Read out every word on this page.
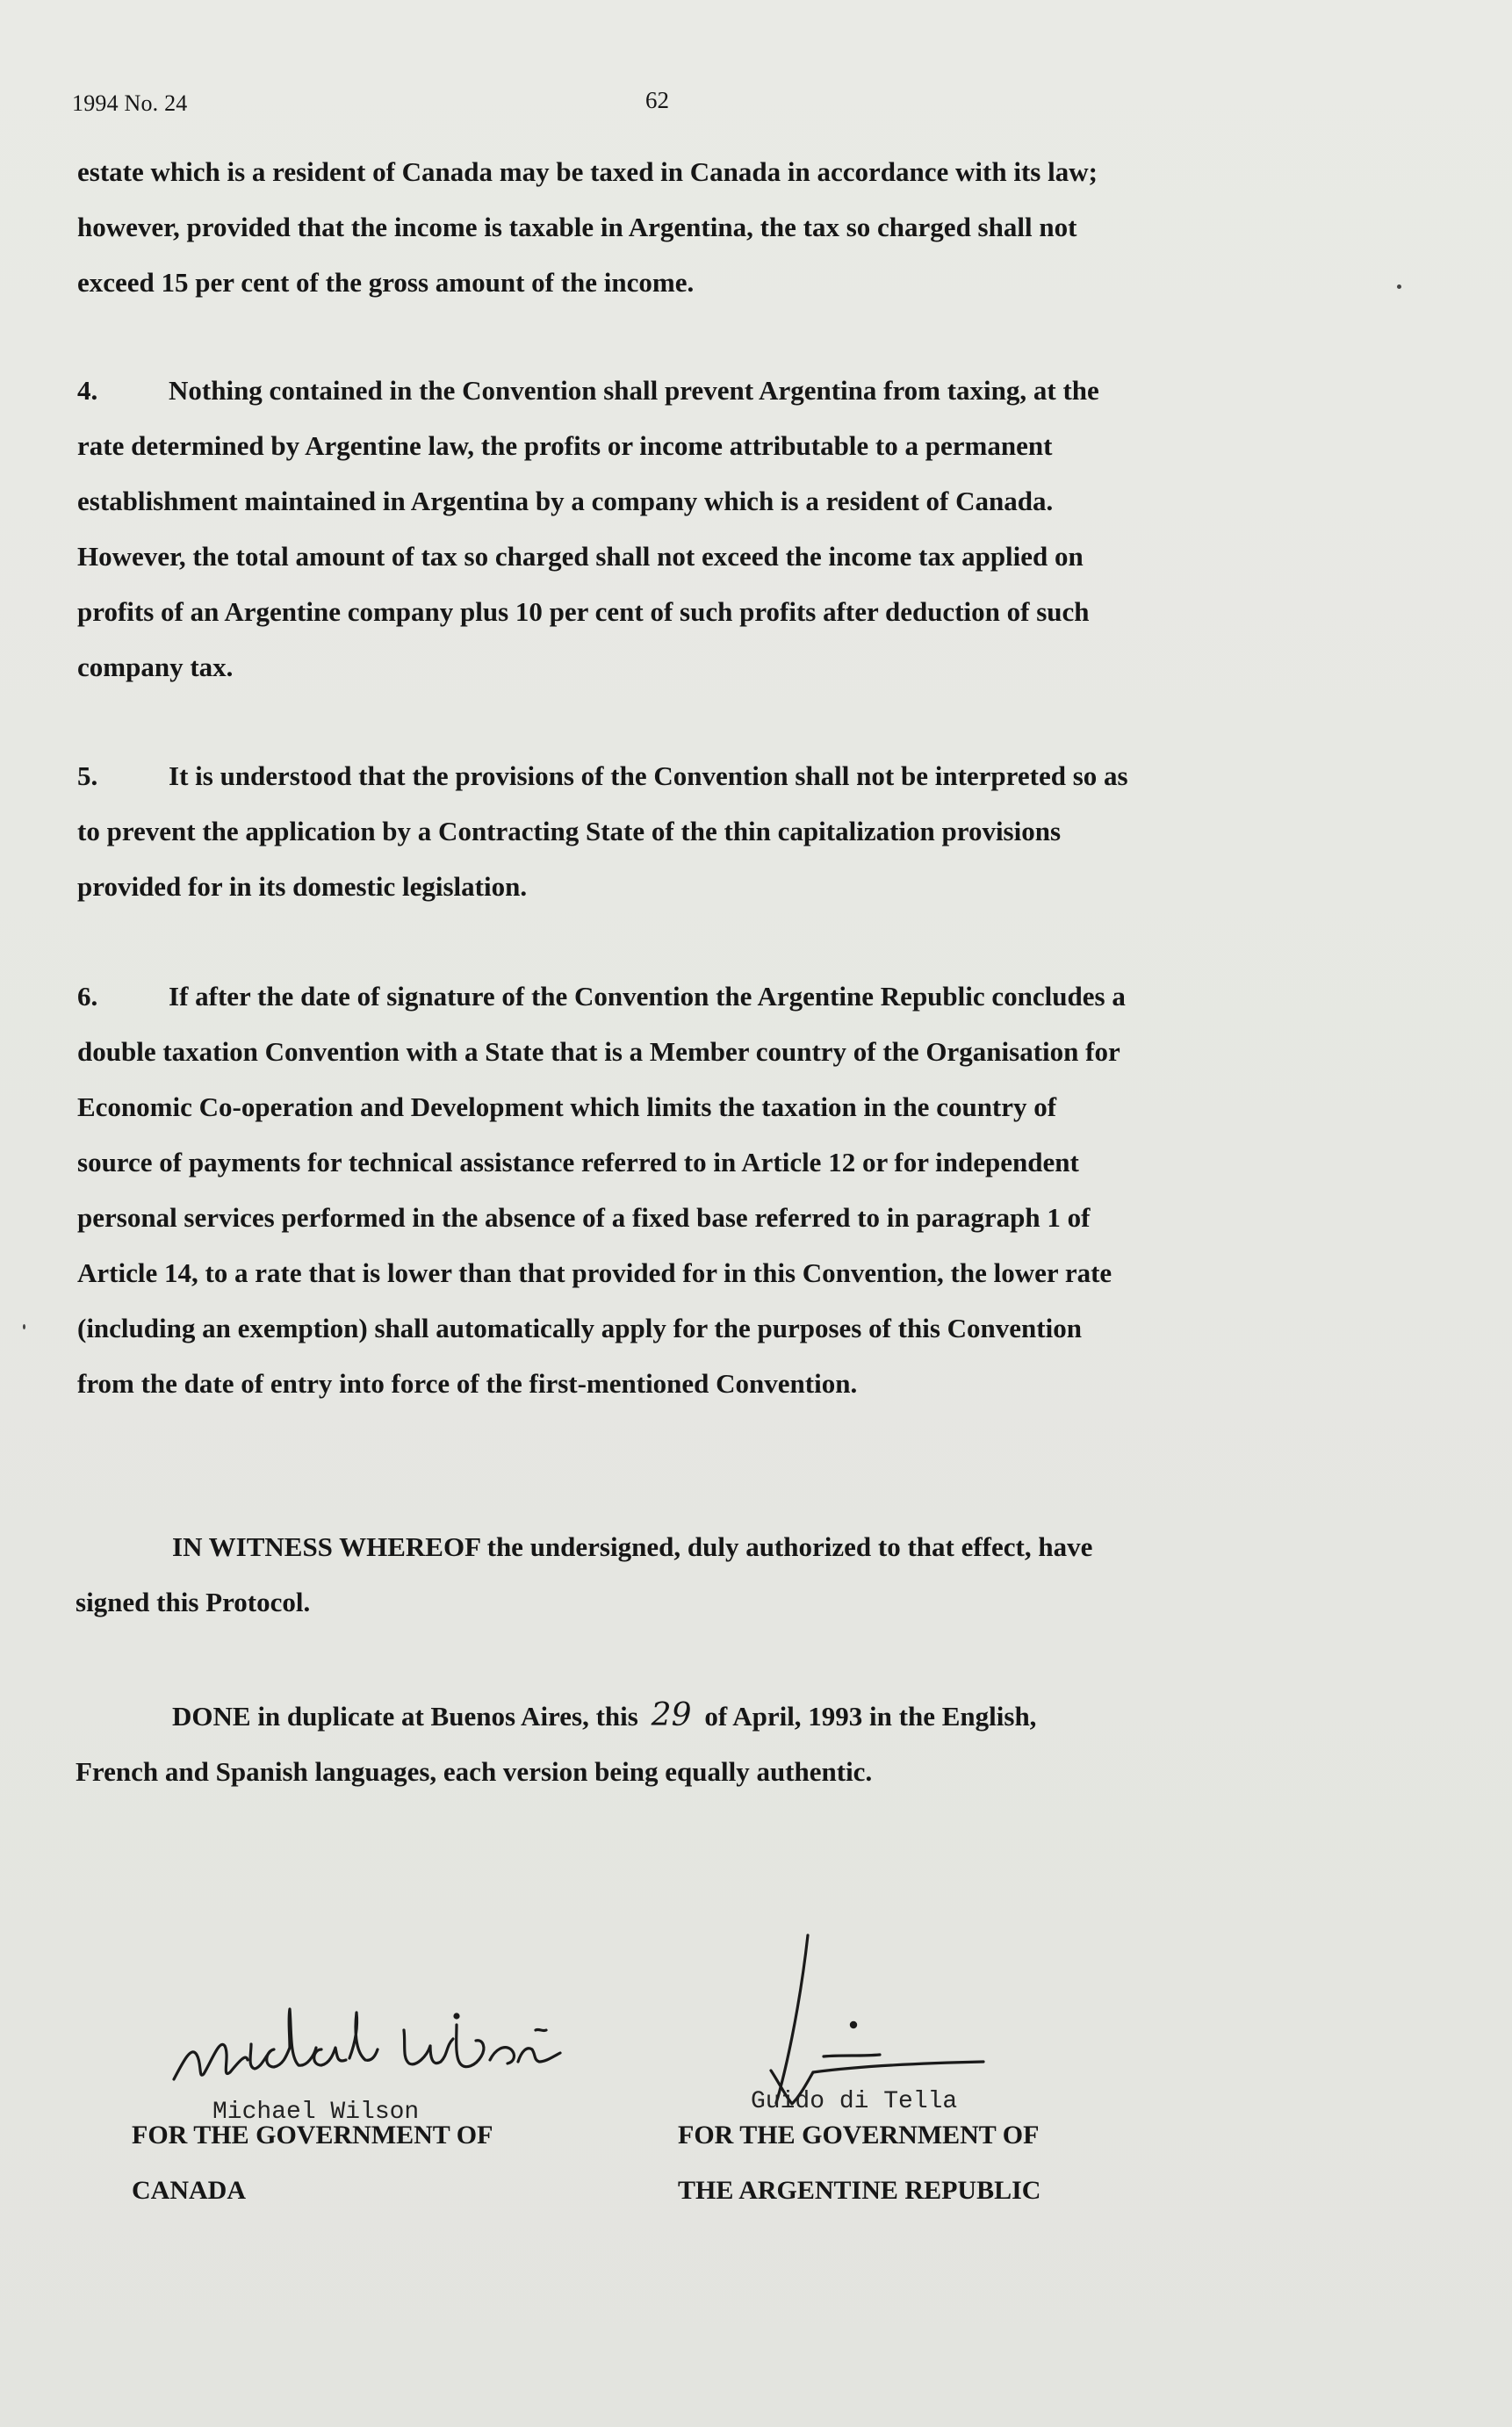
1994 No. 24	62

estate which is a resident of Canada may be taxed in Canada in accordance with its law;

however, provided that the income is taxable in Argentina, the tax so charged shall not

exceed 15 per cent of the gross amount of the income.

4.	Nothing contained in the Convention shall prevent Argentina from taxing, at the

rate determined by Argentine law, the profits or income attributable to a permanent

establishment maintained in Argentina by a company which is a resident of Canada.

However, the total amount of tax so charged shall not exceed the income tax applied on

profits of an Argentine company plus 10 per cent of such profits after deduction of such

company tax.

5.	It is understood that the provisions of the Convention shall not be interpreted so as

to prevent the application by a Contracting State of the thin capitalization provisions

provided for in its domestic legislation.

6.	If after the date of signature of the Convention the Argentine Republic concludes a

double taxation Convention with a State that is a Member country of the Organisation for

Economic Co-operation and Development which limits the taxation in the country of

source of payments for technical assistance referred to in Article 12 or for independent

personal services performed in the absence of a fixed base referred to in paragraph 1 of

Article 14, to a rate that is lower than that provided for in this Convention, the lower rate

(including an exemption) shall automatically apply for the purposes of this Convention

from the date of entry into force of the first-mentioned Convention.

IN WITNESS WHEREOF the undersigned, duly authorized to that effect, have

signed this Protocol.

DONE in duplicate at Buenos Aires, this 29 of April, 1993 in the English,

French and Spanish languages, each version being equally authentic.

Michael Wilson	Guido di Tella
FOR THE GOVERNMENT OF
CANADA
FOR THE GOVERNMENT OF
THE ARGENTINE REPUBLIC
